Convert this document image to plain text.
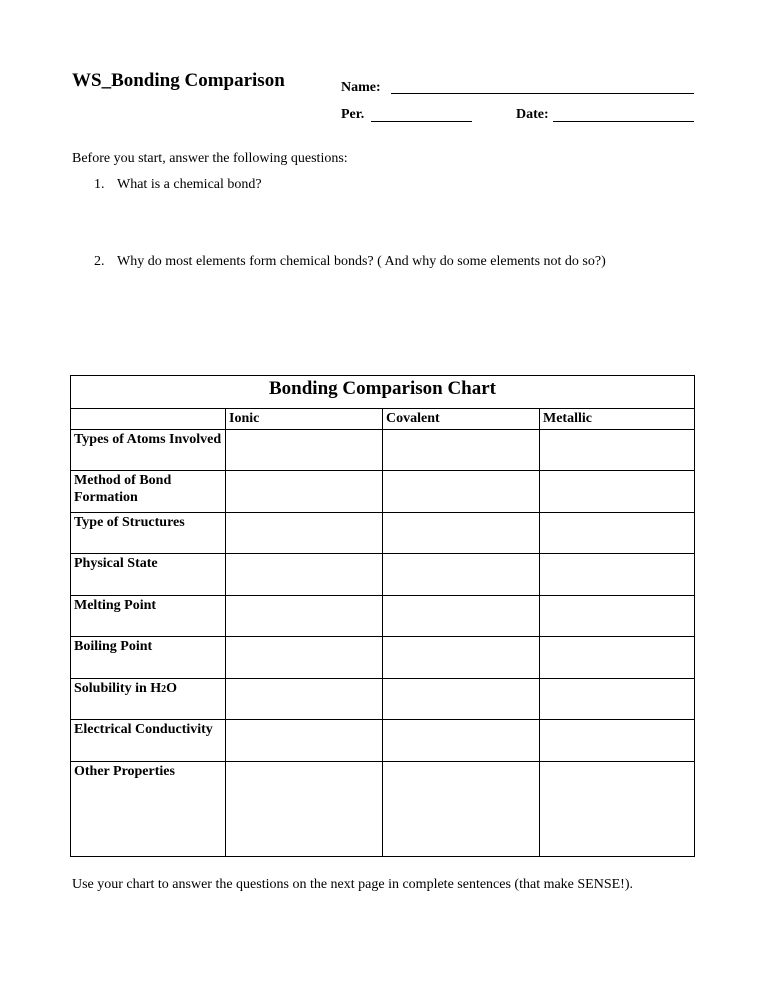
WS_Bonding Comparison	Name:
Per.	Date:
Before you start, answer the following questions:
1. What is a chemical bond?
2. Why do most elements form chemical bonds? ( And why do some elements not do so?)
Bonding Comparison Chart			
	Ionic	Covalent	Metallic
Types of Atoms Involved			
Method of Bond Formation			
Type of Structures			
Physical State			
Melting Point			
Boiling Point			
Solubility in H2O			
Electrical Conductivity			
Other Properties			
Use your chart to answer the questions on the next page in complete sentences (that make SENSE!).
